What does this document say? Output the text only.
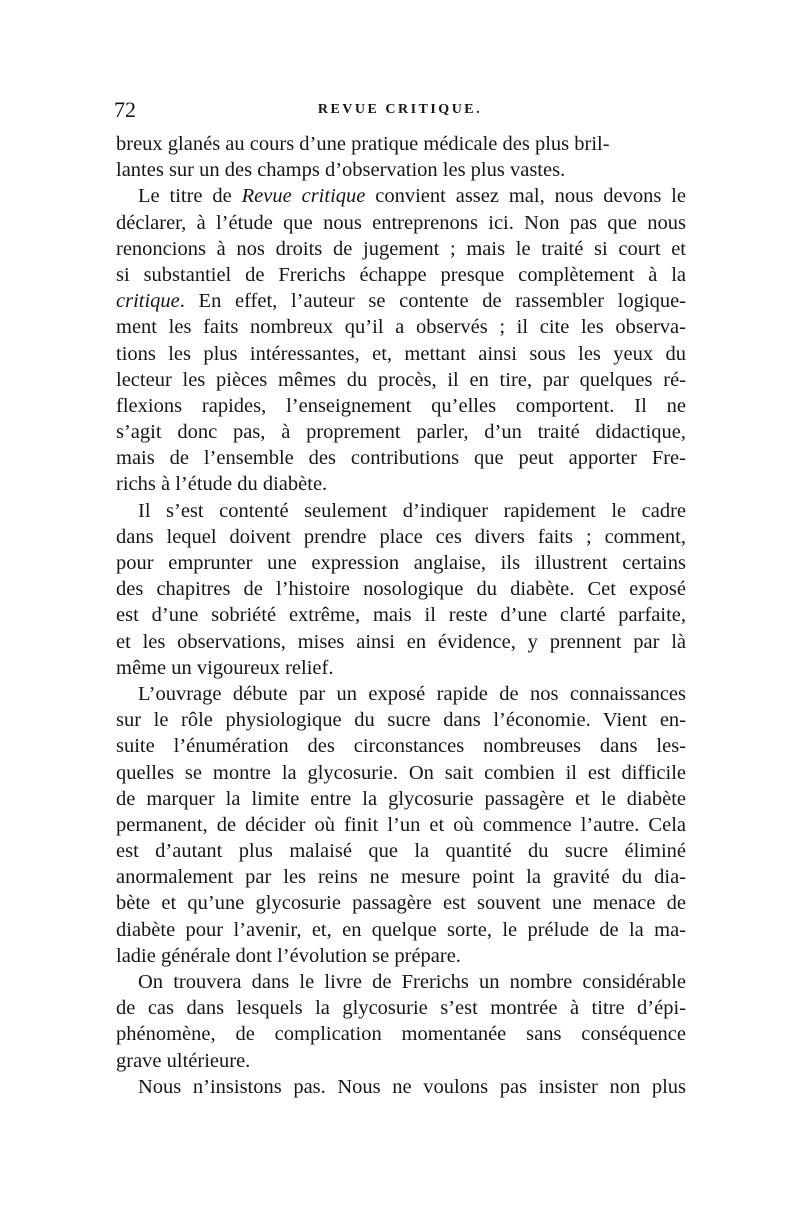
72	REVUE CRITIQUE.
breux glanés au cours d’une pratique médicale des plus bril-
lantes sur un des champs d’observation les plus vastes.
Le titre de Revue critique convient assez mal, nous devons le
déclarer, à l’étude que nous entreprenons ici. Non pas que nous
renoncions à nos droits de jugement ; mais le traité si court et
si substantiel de Frerichs échappe presque complètement à la
critique. En effet, l’auteur se contente de rassembler logique-
ment les faits nombreux qu’il a observés ; il cite les observa-
tions les plus intéressantes, et, mettant ainsi sous les yeux du
lecteur les pièces mêmes du procès, il en tire, par quelques ré-
flexions rapides, l’enseignement qu’elles comportent. Il ne
s’agit donc pas, à proprement parler, d’un traité didactique,
mais de l’ensemble des contributions que peut apporter Fre-
richs à l’étude du diabète.
Il s’est contenté seulement d’indiquer rapidement le cadre
dans lequel doivent prendre place ces divers faits ; comment,
pour emprunter une expression anglaise, ils illustrent certains
des chapitres de l’histoire nosologique du diabète. Cet exposé
est d’une sobriété extrême, mais il reste d’une clarté parfaite,
et les observations, mises ainsi en évidence, y prennent par là
même un vigoureux relief.
L’ouvrage débute par un exposé rapide de nos connaissances
sur le rôle physiologique du sucre dans l’économie. Vient en-
suite l’énumération des circonstances nombreuses dans les-
quelles se montre la glycosurie. On sait combien il est difficile
de marquer la limite entre la glycosurie passagère et le diabète
permanent, de décider où finit l’un et où commence l’autre. Cela
est d’autant plus malaisé que la quantité du sucre éliminé
anormalement par les reins ne mesure point la gravité du dia-
bète et qu’une glycosurie passagère est souvent une menace de
diabète pour l’avenir, et, en quelque sorte, le prélude de la ma-
ladie générale dont l’évolution se prépare.
On trouvera dans le livre de Frerichs un nombre considérable
de cas dans lesquels la glycosurie s’est montrée à titre d’épi-
phénomène, de complication momentanée sans conséquence
grave ultérieure.
Nous n’insistons pas. Nous ne voulons pas insister non plus
